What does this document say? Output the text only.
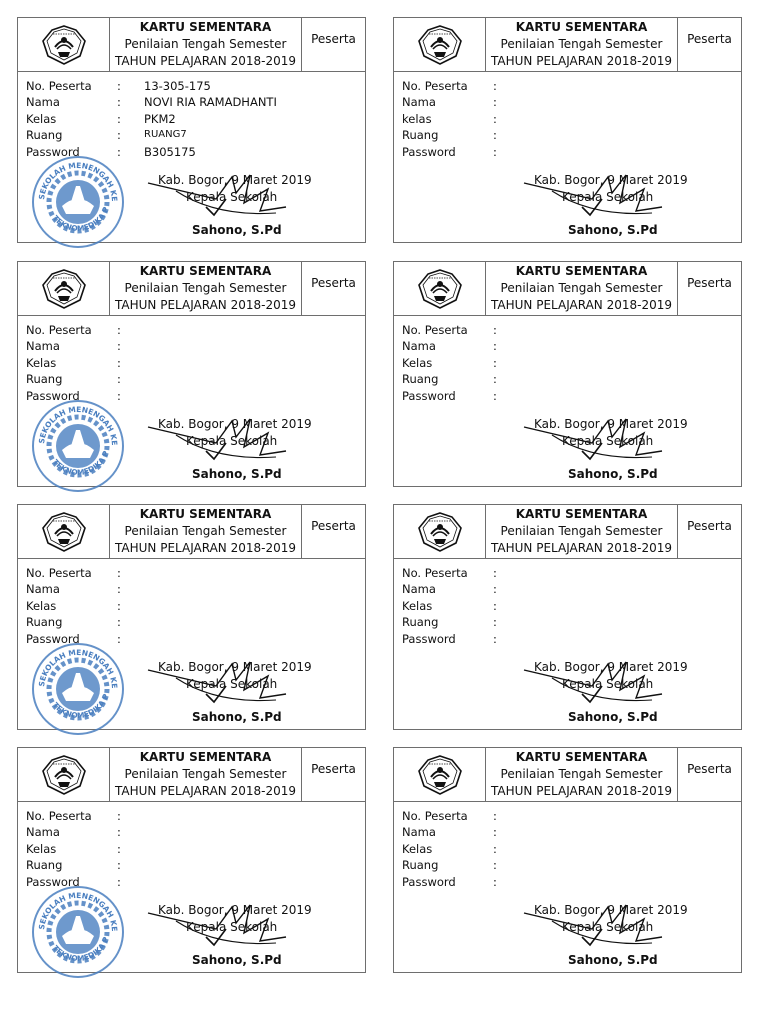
KARTU SEMENTARA
Penilaian Tengah Semester
TAHUN PELAJARAN 2018-2019
Peserta
No. Peserta	: 13-305-175
Nama	: NOVI RIA RAMADHANTI
Kelas	: PKM2
Ruang	: RUANG7
Password	: B305175
SEKOLAH MENENGAH KE
TEKNOMEDIKA P
Kab. Bogor, 9 Maret 2019
Kepala Sekolah
Sahono, S.Pd
KARTU SEMENTARA
Penilaian Tengah Semester
TAHUN PELAJARAN 2018-2019
Peserta
No. Peserta	:
Nama	:
kelas	:
Ruang	:
Password	:
Kab. Bogor, 9 Maret 2019
Kepala Sekolah
Sahono, S.Pd
KARTU SEMENTARA
Penilaian Tengah Semester
TAHUN PELAJARAN 2018-2019
Peserta
No. Peserta	:
Nama	:
Kelas	:
Ruang	:
Password	:
SEKOLAH MENENGAH KE
TEKNOMEDIKA P
Kab. Bogor, 9 Maret 2019
Kepala Sekolah
Sahono, S.Pd
KARTU SEMENTARA
Penilaian Tengah Semester
TAHUN PELAJARAN 2018-2019
Peserta
No. Peserta	:
Nama	:
Kelas	:
Ruang	:
Password	:
Kab. Bogor, 9 Maret 2019
Kepala Sekolah
Sahono, S.Pd
KARTU SEMENTARA
Penilaian Tengah Semester
TAHUN PELAJARAN 2018-2019
Peserta
No. Peserta	:
Nama	:
Kelas	:
Ruang	:
Password	:
SEKOLAH MENENGAH KE
TEKNOMEDIKA P
Kab. Bogor, 9 Maret 2019
Kepala Sekolah
Sahono, S.Pd
KARTU SEMENTARA
Penilaian Tengah Semester
TAHUN PELAJARAN 2018-2019
Peserta
No. Peserta	:
Nama	:
Kelas	:
Ruang	:
Password	:
Kab. Bogor, 9 Maret 2019
Kepala Sekolah
Sahono, S.Pd
KARTU SEMENTARA
Penilaian Tengah Semester
TAHUN PELAJARAN 2018-2019
Peserta
No. Peserta	:
Nama	:
Kelas	:
Ruang	:
Password	:
SEKOLAH MENENGAH KE
TEKNOMEDIKA P
Kab. Bogor, 9 Maret 2019
Kepala Sekolah
Sahono, S.Pd
KARTU SEMENTARA
Penilaian Tengah Semester
TAHUN PELAJARAN 2018-2019
Peserta
No. Peserta	:
Nama	:
Kelas	:
Ruang	:
Password	:
Kab. Bogor, 9 Maret 2019
Kepala Sekolah
Sahono, S.Pd
